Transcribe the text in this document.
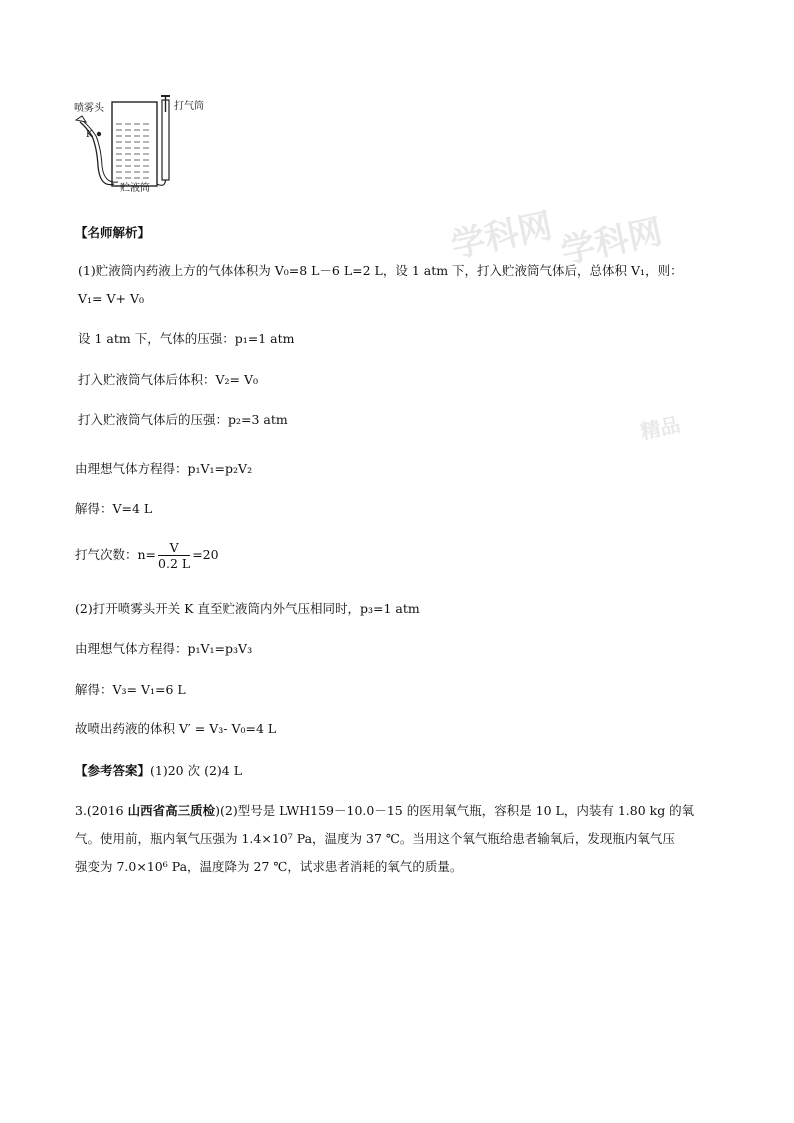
喷雾头
K
打气筒
贮液筒
学科网 学科网
精品
【名师解析】
(1)贮液筒内药液上方的气体体积为 V₀=8 L－6 L=2 L，设 1 atm 下，打入贮液筒气体后，总体积 V₁，则：
V₁= V+ V₀
设 1 atm 下，气体的压强：p₁=1 atm
打入贮液筒气体后体积：V₂= V₀
打入贮液筒气体后的压强：p₂=3 atm
由理想气体方程得：p₁V₁=p₂V₂
解得：V=4 L
打气次数：$n= \frac{V}{0.2 L} =20$
(2)打开喷雾头开关 K 直至贮液筒内外气压相同时，p₃=1 atm
由理想气体方程得：p₁V₁=p₃V₃
解得：V₃= V₁=6 L
故喷出药液的体积 V′ = V₃- V₀=4 L
【参考答案】(1)20 次 (2)4 L
3.(2016 山西省高三质检)(2)型号是 LWH159－10.0－15 的医用氧气瓶，容积是 10 L，内装有 1.80 kg 的氧
气。使用前，瓶内氧气压强为 1.4×10⁷ Pa，温度为 37 ℃。当用这个氧气瓶给患者输氧后，发现瓶内氧气压
强变为 7.0×10⁶ Pa，温度降为 27 ℃，试求患者消耗的氧气的质量。
